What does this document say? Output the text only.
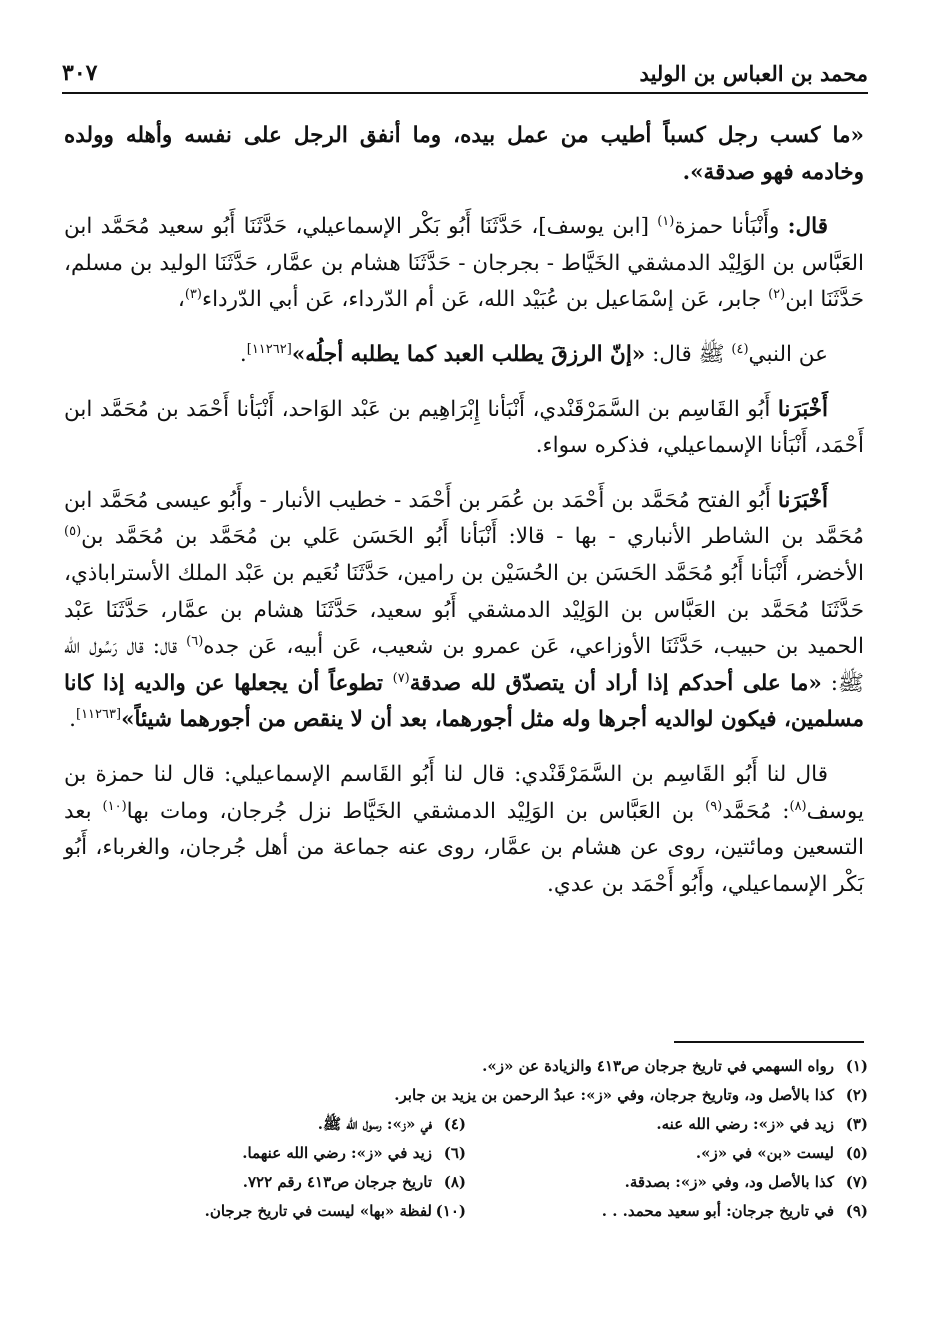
محمد بن العباس بن الوليد
٣٠٧

«ما كسب رجل كسباً أطيب من عمل بيده، وما أنفق الرجل على نفسه وأهله وولده وخادمه فهو صدقة».

قال: وأَنْبَأنا حمزة$^{(١)}$ [ابن يوسف]، حَدَّثَنَا أَبُو بَكْر الإسماعيلي، حَدَّثَنَا أَبُو سعيد مُحَمَّد ابن العَبَّاس بن الوَلِيْد الدمشقي الخَيَّاط - بجرجان - حَدَّثَنَا هشام بن عمَّار، حَدَّثَنَا الوليد بن مسلم، حَدَّثَنَا ابن$^{(٢)}$ جابر، عَن إسْمَاعيل بن عُبَيْد الله، عَن أم الدّرداء، عَن أبي الدّرداء$^{(٣)}$،

عن النبي$^{(٤)}$ ﷺ قال: «إنّ الرزقَ يطلب العبد كما يطلبه أجلُه»[١١٢٦٢].

أَخْبَرَنا أَبُو القَاسِم بن السَّمَرْقَنْدي، أَنْبَأنا إِبْرَاهِيم بن عَبْد الوَاحد، أَنْبَأنا أَحْمَد بن مُحَمَّد ابن أَحْمَد، أَنْبَأنا الإسماعيلي، فذكره سواء.

أَخْبَرَنا أَبُو الفتح مُحَمَّد بن أَحْمَد بن عُمَر بن أَحْمَد - خطيب الأنبار - وأَبُو عيسى مُحَمَّد ابن مُحَمَّد بن الشاطر الأنباري - بها - قالا: أَنْبَأنا أَبُو الحَسَن عَلي بن مُحَمَّد بن مُحَمَّد بن$^{(٥)}$ الأخضر، أَنْبَأنا أَبُو مُحَمَّد الحَسَن بن الحُسَيْن بن رامين، حَدَّثَنَا نُعَيم بن عَبْد الملك الأستراباذي، حَدَّثَنَا مُحَمَّد بن العَبَّاس بن الوَلِيْد الدمشقي أَبُو سعيد، حَدَّثَنَا هشام بن عمَّار، حَدَّثَنَا عَبْد الحميد بن حبيب، حَدَّثَنَا الأوزاعي، عَن عمرو بن شعيب، عَن أبيه، عَن جده$^{(٦)}$ قال: قال رَسُول الله ﷺ: «ما على أحدكم إذا أراد أن يتصدّق لله صدقة$^{(٧)}$ تطوعاً أن يجعلها عن والديه إذا كانا مسلمين، فيكون لوالديه أجرها وله مثل أجورهما، بعد أن لا ينقص من أجورهما شيئاً»[١١٢٦٣].

قال لنا أَبُو القَاسِم بن السَّمَرْقَنْدي: قال لنا أَبُو القَاسم الإسماعيلي: قال لنا حمزة بن يوسف$^{(٨)}$: مُحَمَّد$^{(٩)}$ بن العَبَّاس بن الوَلِيْد الدمشقي الخَيَّاط نزل جُرجان، ومات بها$^{(١٠)}$ بعد التسعين ومائتين، روى عن هشام بن عمَّار، روى عنه جماعة من أهل جُرجان، والغرباء، أَبُو بَكْر الإسماعيلي، وأَبُو أَحْمَد بن عدي.

(١)رواه السهمي في تاريخ جرجان ص٤١٣ والزيادة عن «ز».
(٢)كذا بالأصل ود، وتاريخ جرجان، وفي «ز»: عبدُ الرحمن بن يزيد بن جابر.
(٣)زيد في «ز»: رضي الله عنه.
(٤)في «ز»: رسول الله ﷺ.
(٥)ليست «بن» في «ز».
(٦)زيد في «ز»: رضي الله عنهما.
(٧)كذا بالأصل ود، وفي «ز»: بصدقة.
(٨)تاريخ جرجان ص٤١٣ رقم ٧٢٢.
(٩)في تاريخ جرجان: أبو سعيد محمد. . .
(١٠)لفظة «بها» ليست في تاريخ جرجان.
